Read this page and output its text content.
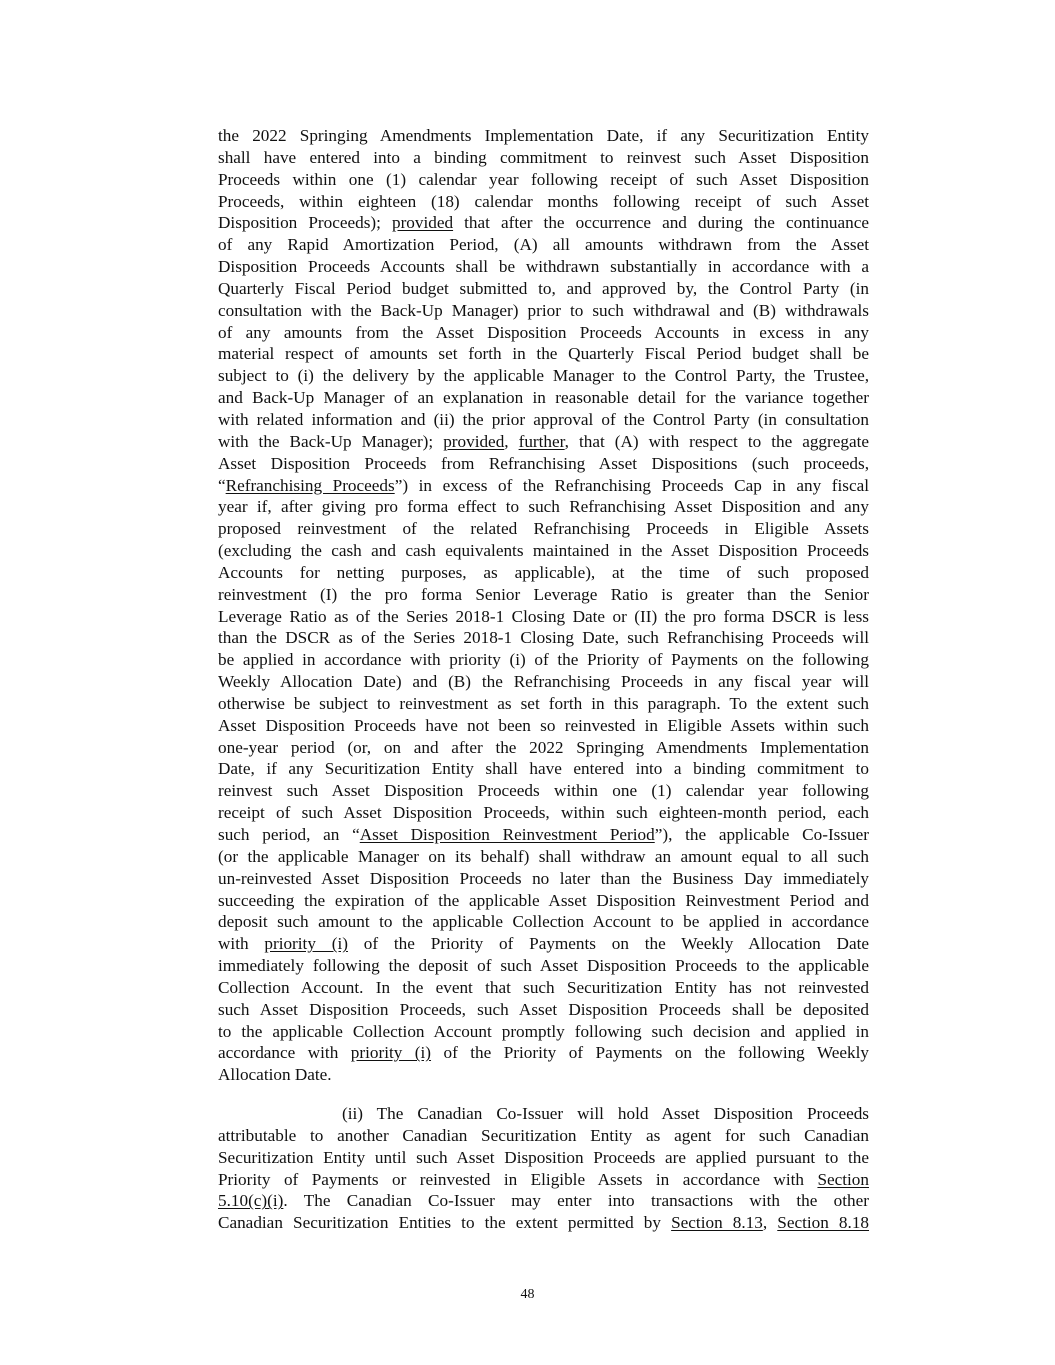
the 2022 Springing Amendments Implementation Date, if any Securitization Entity
shall have entered into a binding commitment to reinvest such Asset Disposition
Proceeds within one (1) calendar year following receipt of such Asset Disposition
Proceeds, within eighteen (18) calendar months following receipt of such Asset
Disposition Proceeds); provided that after the occurrence and during the continuance
of any Rapid Amortization Period, (A) all amounts withdrawn from the Asset
Disposition Proceeds Accounts shall be withdrawn substantially in accordance with a
Quarterly Fiscal Period budget submitted to, and approved by, the Control Party (in
consultation with the Back-Up Manager) prior to such withdrawal and (B) withdrawals
of any amounts from the Asset Disposition Proceeds Accounts in excess in any
material respect of amounts set forth in the Quarterly Fiscal Period budget shall be
subject to (i) the delivery by the applicable Manager to the Control Party, the Trustee,
and Back-Up Manager of an explanation in reasonable detail for the variance together
with related information and (ii) the prior approval of the Control Party (in consultation
with the Back-Up Manager); provided, further, that (A) with respect to the aggregate
Asset Disposition Proceeds from Refranchising Asset Dispositions (such proceeds,
“Refranchising Proceeds”) in excess of the Refranchising Proceeds Cap in any fiscal
year if, after giving pro forma effect to such Refranchising Asset Disposition and any
proposed reinvestment of the related Refranchising Proceeds in Eligible Assets
(excluding the cash and cash equivalents maintained in the Asset Disposition Proceeds
Accounts for netting purposes, as applicable), at the time of such proposed
reinvestment (I) the pro forma Senior Leverage Ratio is greater than the Senior
Leverage Ratio as of the Series 2018-1 Closing Date or (II) the pro forma DSCR is less
than the DSCR as of the Series 2018-1 Closing Date, such Refranchising Proceeds will
be applied in accordance with priority (i) of the Priority of Payments on the following
Weekly Allocation Date) and (B) the Refranchising Proceeds in any fiscal year will
otherwise be subject to reinvestment as set forth in this paragraph. To the extent such
Asset Disposition Proceeds have not been so reinvested in Eligible Assets within such
one-year period (or, on and after the 2022 Springing Amendments Implementation
Date, if any Securitization Entity shall have entered into a binding commitment to
reinvest such Asset Disposition Proceeds within one (1) calendar year following
receipt of such Asset Disposition Proceeds, within such eighteen-month period, each
such period, an “Asset Disposition Reinvestment Period”), the applicable Co-Issuer
(or the applicable Manager on its behalf) shall withdraw an amount equal to all such
un-reinvested Asset Disposition Proceeds no later than the Business Day immediately
succeeding the expiration of the applicable Asset Disposition Reinvestment Period and
deposit such amount to the applicable Collection Account to be applied in accordance
with priority (i) of the Priority of Payments on the Weekly Allocation Date
immediately following the deposit of such Asset Disposition Proceeds to the applicable
Collection Account. In the event that such Securitization Entity has not reinvested
such Asset Disposition Proceeds, such Asset Disposition Proceeds shall be deposited
to the applicable Collection Account promptly following such decision and applied in
accordance with priority (i) of the Priority of Payments on the following Weekly
Allocation Date.
(ii) The Canadian Co-Issuer will hold Asset Disposition Proceeds
attributable to another Canadian Securitization Entity as agent for such Canadian
Securitization Entity until such Asset Disposition Proceeds are applied pursuant to the
Priority of Payments or reinvested in Eligible Assets in accordance with Section
5.10(c)(i). The Canadian Co-Issuer may enter into transactions with the other
Canadian Securitization Entities to the extent permitted by Section 8.13, Section 8.18
48
